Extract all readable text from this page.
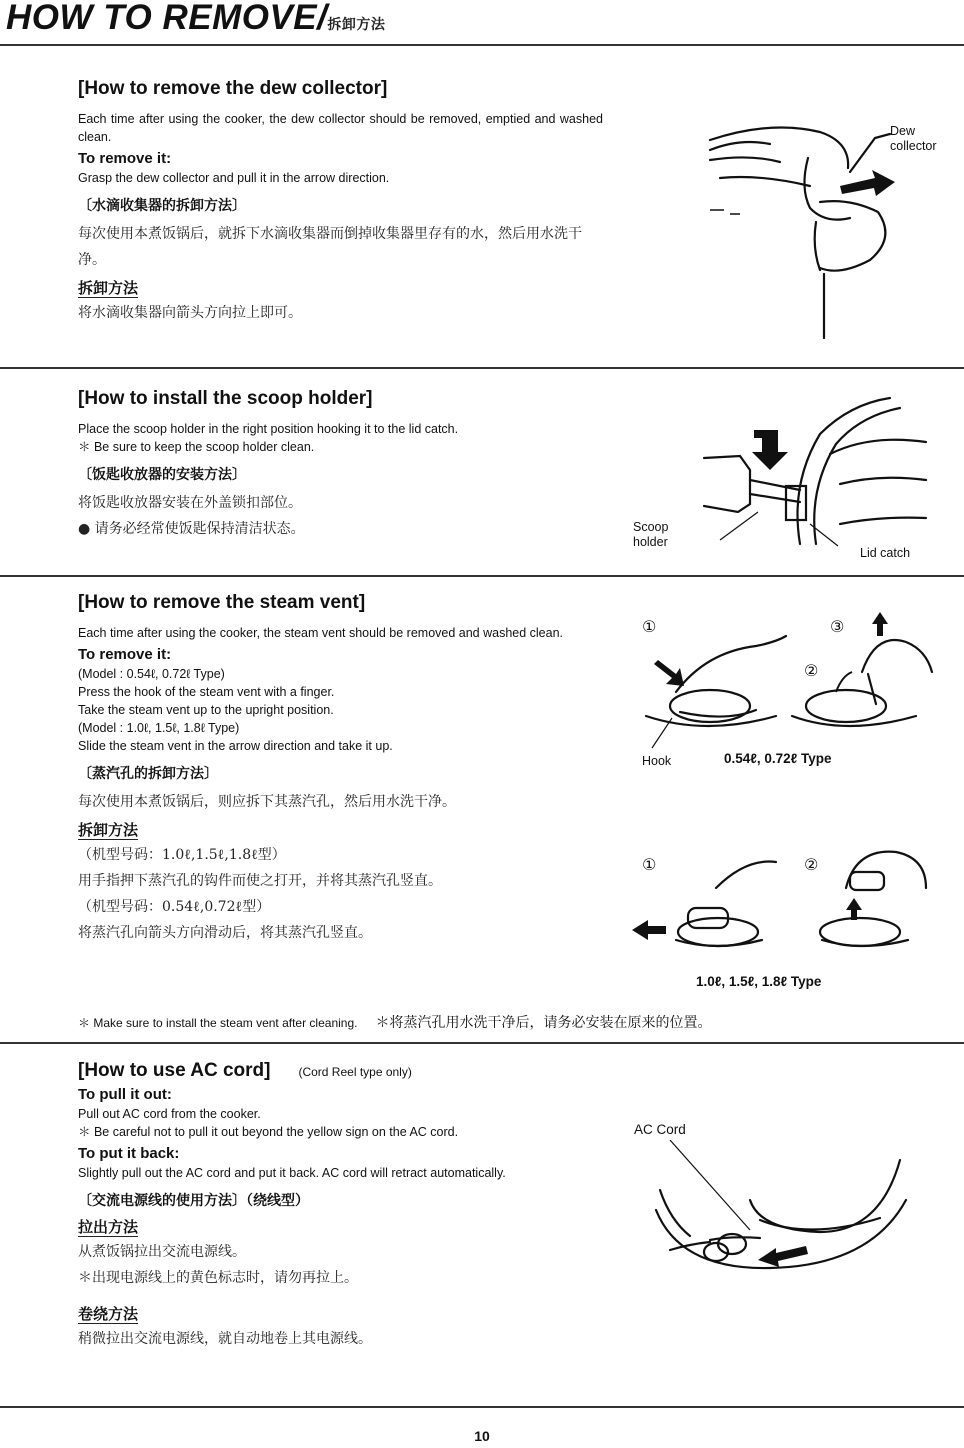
HOW TO REMOVE/拆卸方法
[How to remove the dew collector]

Each time after using the cooker, the dew collector should be removed, emptied and washed clean.

To remove it:

Grasp the dew collector and pull it in the arrow direction.

〔水滴收集器的拆卸方法〕

每次使用本煮饭锅后，就拆下水滴收集器而倒掉收集器里存有的水，然后用水洗干净。

拆卸方法

将水滴收集器向箭头方向拉上即可。

Dew collector
[How to install the scoop holder]

Place the scoop holder in the right position hooking it to the lid catch.

＊ Be sure to keep the scoop holder clean.

〔饭匙收放器的安装方法〕

将饭匙收放器安装在外盖锁扣部位。

● 请务必经常使饭匙保持清洁状态。	Scoop holder
Lid catch
[How to remove the steam vent]

Each time after using the cooker, the steam vent should be removed and washed clean.

To remove it:

(Model : 0.54ℓ, 0.72ℓ Type)

Press the hook of the steam vent with a finger.

Take the steam vent up to the upright position.

(Model : 1.0ℓ, 1.5ℓ, 1.8ℓ Type)

Slide the steam vent in the arrow direction and take it up.

〔蒸汽孔的拆卸方法〕

每次使用本煮饭锅后，则应拆下其蒸汽孔，然后用水洗干净。

拆卸方法

（机型号码：1.0ℓ,1.5ℓ,1.8ℓ型）

用手指押下蒸汽孔的钩件而使之打开，并将其蒸汽孔竖直。

（机型号码：0.54ℓ,0.72ℓ型）

将蒸汽孔向箭头方向滑动后，将其蒸汽孔竖直。

①
②
③
Hook	0.54ℓ, 0.72ℓ Type
①	②
1.0ℓ, 1.5ℓ, 1.8ℓ Type
＊ Make sure to install the steam vent after cleaning. ＊将蒸汽孔用水洗干净后，请务必安装在原来的位置。
[How to use AC cord] (Cord Reel type only)
To pull it out:

Pull out AC cord from the cooker.

＊ Be careful not to pull it out beyond the yellow sign on the AC cord.

To put it back:

Slightly pull out the AC cord and put it back. AC cord will retract automatically.

〔交流电源线的使用方法〕（绕线型）
拉出方法

从煮饭锅拉出交流电源线。

＊出现电源线上的黄色标志时，请勿再拉上。

卷绕方法

稍微拉出交流电源线，就自动地卷上其电源线。

AC Cord
10
